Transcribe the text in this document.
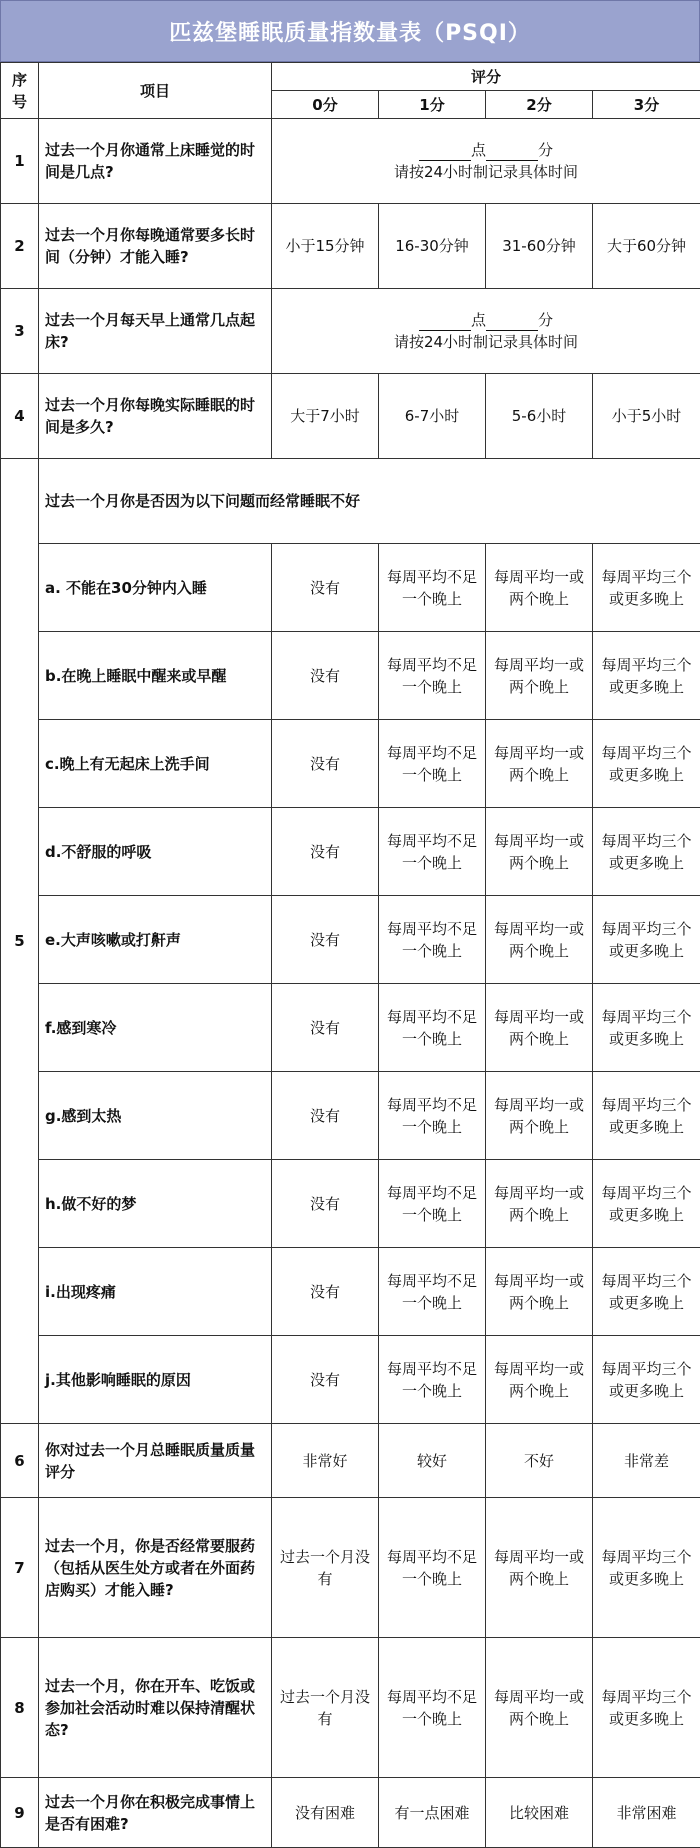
匹兹堡睡眠质量指数量表（PSQI）
序号	项目	评分			
		0分	1分	2分	3分
1	过去一个月你通常上床睡觉的时间是几点?	点 分
请按24小时制记录具体时间			

2	过去一个月你每晚通常要多长时间（分钟）才能入睡?	小于15分钟	16-30分钟	31-60分钟	大于60分钟
3	过去一个月每天早上通常几点起床?	点 分
请按24小时制记录具体时间			

4	过去一个月你每晚实际睡眠的时间是多久?	大于7小时	6-7小时	5-6小时	小于5小时
5	过去一个月你是否因为以下问题而经常睡眠不好				
	a. 不能在30分钟内入睡	没有	每周平均不足一个晚上	每周平均一或两个晚上	每周平均三个或更多晚上
	b.在晚上睡眠中醒来或早醒	没有	每周平均不足一个晚上	每周平均一或两个晚上	每周平均三个或更多晚上
	c.晚上有无起床上洗手间	没有	每周平均不足一个晚上	每周平均一或两个晚上	每周平均三个或更多晚上
	d.不舒服的呼吸	没有	每周平均不足一个晚上	每周平均一或两个晚上	每周平均三个或更多晚上
	e.大声咳嗽或打鼾声	没有	每周平均不足一个晚上	每周平均一或两个晚上	每周平均三个或更多晚上
	f.感到寒冷	没有	每周平均不足一个晚上	每周平均一或两个晚上	每周平均三个或更多晚上
	g.感到太热	没有	每周平均不足一个晚上	每周平均一或两个晚上	每周平均三个或更多晚上
	h.做不好的梦	没有	每周平均不足一个晚上	每周平均一或两个晚上	每周平均三个或更多晚上
	i.出现疼痛	没有	每周平均不足一个晚上	每周平均一或两个晚上	每周平均三个或更多晚上
	j.其他影响睡眠的原因	没有	每周平均不足一个晚上	每周平均一或两个晚上	每周平均三个或更多晚上
6	你对过去一个月总睡眠质量质量评分	非常好	较好	不好	非常差
7	过去一个月，你是否经常要服药（包括从医生处方或者在外面药店购买）才能入睡?	过去一个月没有	每周平均不足一个晚上	每周平均一或两个晚上	每周平均三个或更多晚上
8	过去一个月，你在开车、吃饭或参加社会活动时难以保持清醒状态?	过去一个月没有	每周平均不足一个晚上	每周平均一或两个晚上	每周平均三个或更多晚上
9	过去一个月你在积极完成事情上是否有困难?	没有困难	有一点困难	比较困难	非常困难
